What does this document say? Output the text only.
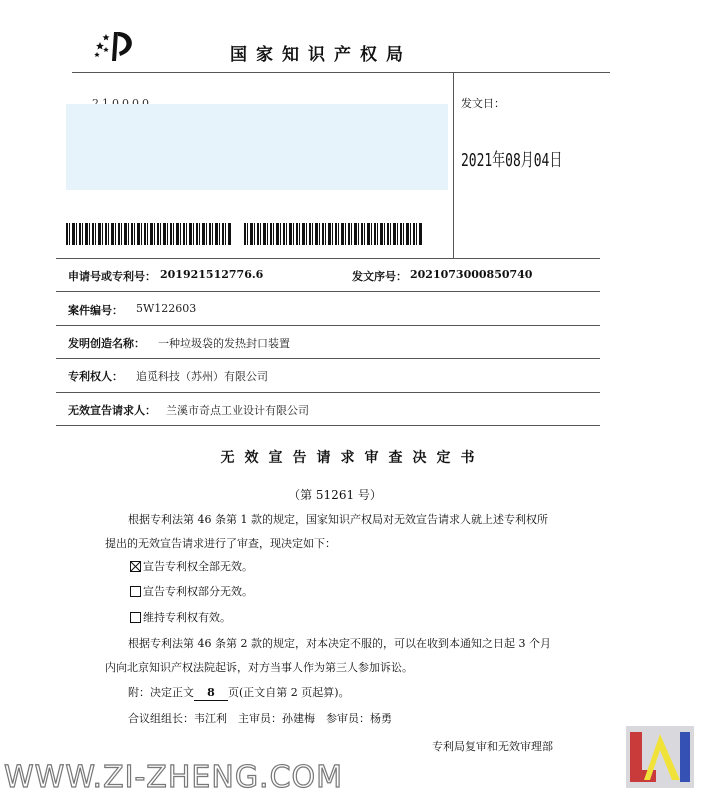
国家知识产权局
发文日：
2021年08月04日
申请号或专利号： 201921512776.6	发文序号： 2021073000850740
案件编号： 5W122603
发明创造名称： 一种垃圾袋的发热封口装置
专利权人： 追觅科技（苏州）有限公司
无效宣告请求人： 兰溪市奇点工业设计有限公司
无效宣告请求审查决定书
（第 51261 号）
根据专利法第 46 条第 1 款的规定，国家知识产权局对无效宣告请求人就上述专利权所
提出的无效宣告请求进行了审查，现决定如下：
宣告专利权全部无效。
宣告专利权部分无效。
维持专利权有效。
根据专利法第 46 条第 2 款的规定，对本决定不服的，可以在收到本通知之日起 3 个月
内向北京知识产权法院起诉，对方当事人作为第三人参加诉讼。
附：决定正文 8 页(正文自第 2 页起算)。
合议组组长：韦江利　主审员：孙建梅　参审员：杨勇
专利局复审和无效审理部
WWW.ZI-ZHENG.COM
